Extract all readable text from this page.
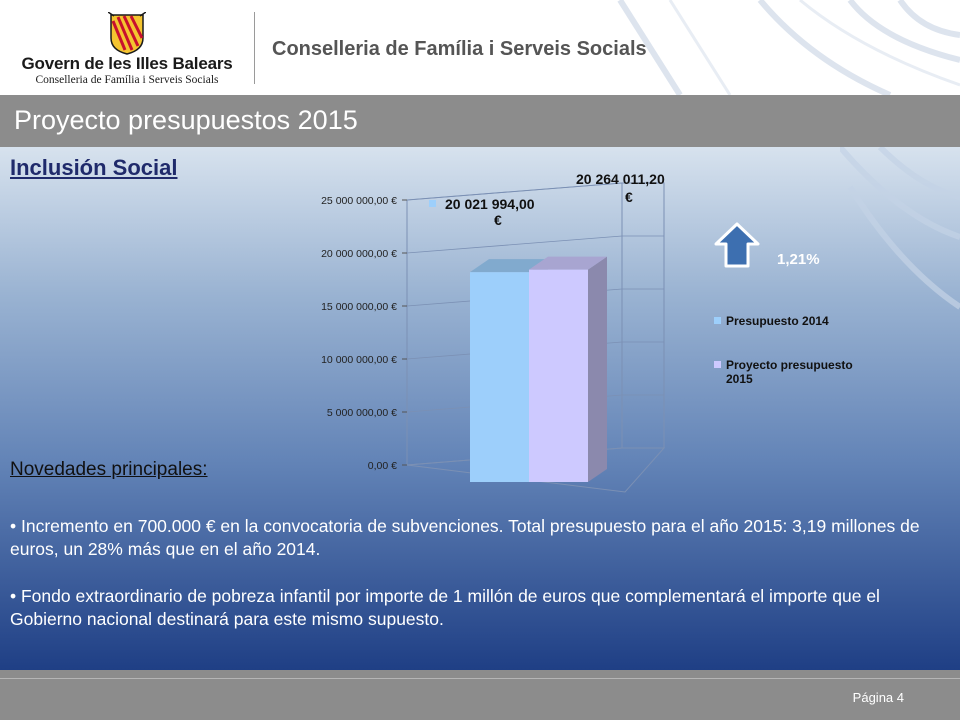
Govern de les Illes Balears
Conselleria de Família i Serveis Socials
Conselleria de Família i Serveis Socials
Proyecto presupuestos 2015
Inclusión Social
0,00 €
5 000 000,00 €
10 000 000,00 €
15 000 000,00 €
20 000 000,00 €
25 000 000,00 €	20 021 994,00
€
20 264 011,20
€
Presupuesto 2014
Proyecto presupuesto
2015
1,21%
Novedades principales:

• Incremento en 700.000 € en la convocatoria de subvenciones. Total presupuesto para el año 2015: 3,19 millones de euros, un 28% más que en el año 2014.

• Fondo extraordinario de pobreza infantil por importe de 1 millón de euros que complementará el importe que el Gobierno nacional destinará para este mismo supuesto.

Página 4
